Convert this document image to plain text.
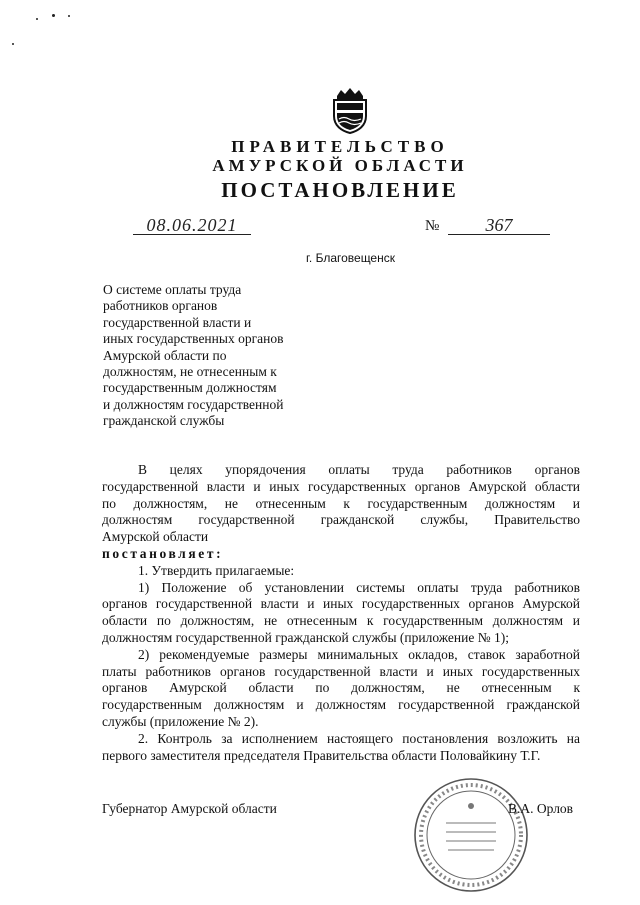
ПРАВИТЕЛЬСТВО
АМУРСКОЙ ОБЛАСТИ
ПОСТАНОВЛЕНИЕ
08.06.2021	№	367
г. Благовещенск
О системе оплаты труда
работников органов
государственной власти и
иных государственных органов
Амурской области по
должностям, не отнесенным к
государственным должностям
и должностям государственной
гражданской службы
В целях упорядочения оплаты труда работников органов
государственной власти и иных государственных органов Амурской области
по должностям, не отнесенным к государственным должностям и
должностям государственной гражданской службы, Правительство
Амурской области
постановляет:
1. Утвердить прилагаемые:
1) Положение об установлении системы оплаты труда работников
органов государственной власти и иных государственных органов Амурской
области по должностям, не отнесенным к государственным должностям и
должностям государственной гражданской службы (приложение № 1);
2) рекомендуемые размеры минимальных окладов, ставок заработной
платы работников органов государственной власти и иных государственных
органов Амурской области по должностям, не отнесенным к
государственным должностям и должностям государственной гражданской
службы (приложение № 2).
2. Контроль за исполнением настоящего постановления возложить на
первого заместителя председателя Правительства области Половайкину Т.Г.
Губернатор Амурской области	В.А. Орлов
